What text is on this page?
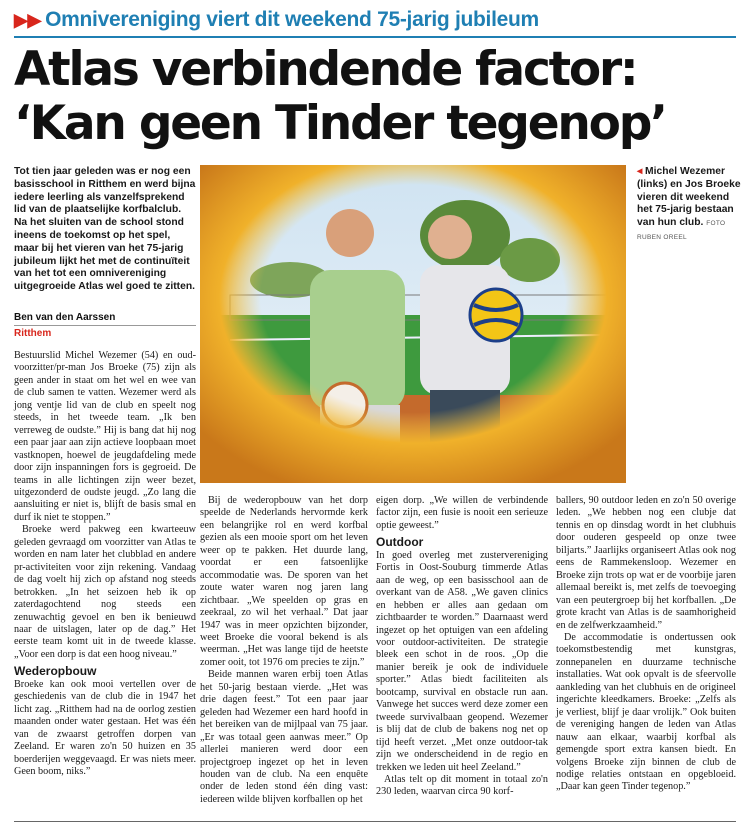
▶▶ Omnivereniging viert dit weekend 75-jarig jubileum
Atlas verbindende factor:
‘Kan geen Tinder tegenop’
Tot tien jaar geleden was er nog een basisschool in Ritthem en werd bijna iedere leerling als vanzelfsprekend lid van de plaatselijke korfbalclub. Na het sluiten van de school stond ineens de toekomst op het spel, maar bij het vieren van het 75-jarig jubileum lijkt het met de continuïteit van het tot een omnivereniging uitgegroeide Atlas wel goed te zitten.
Ben van den Aarssen
Ritthem
◂ Michel Wezemer (links) en Jos Broeke vieren dit weekend het 75-jarig bestaan van hun club. FOTO RUBEN OREEL

Bestuurslid Michel Wezemer (54) en oud-voorzitter/pr-man Jos Broeke (75) zijn als geen ander in staat om het wel en wee van de club samen te vatten. Wezemer werd als jong ventje lid van de club en speelt nog steeds, in het tweede team. „Ik ben verreweg de oudste.” Hij is bang dat hij nog een paar jaar aan zijn actieve loopbaan moet vastknopen, hoewel de jeugdafdeling mede door zijn inspanningen fors is gegroeid. De teams in alle lichtingen zijn weer bezet, uitgezonderd de oudste jeugd. „Zo lang die aansluiting er niet is, blijft de basis smal en durf ik niet te stoppen.”

Broeke werd pakweg een kwarteeuw geleden gevraagd om voorzitter van Atlas te worden en nam later het clubblad en andere pr-activiteiten voor zijn rekening. Vandaag de dag voelt hij zich op afstand nog steeds betrokken. „In het seizoen heb ik op zaterdagochtend nog steeds een zenuwachtig gevoel en ben ik benieuwd naar de uitslagen, later op de dag.” Het eerste team komt uit in de tweede klasse. „Voor een dorp is dat een hoog niveau.”

Wederopbouw

Broeke kan ook mooi vertellen over de geschiedenis van de club die in 1947 het licht zag. „Ritthem had na de oorlog zestien maanden onder water gestaan. Het was één van de zwaarst getroffen dorpen van Zeeland. Er waren zo'n 50 huizen en 35 boerderijen weggevaagd. Er was niets meer. Geen boom, niks.”

Bij de wederopbouw van het dorp speelde de Nederlands hervormde kerk een belangrijke rol en werd korfbal gezien als een mooie sport om het leven weer op te pakken. Het duurde lang, voordat er een fatsoenlijke accommodatie was. De sporen van het zoute water waren nog jaren lang zichtbaar. „We speelden op gras en zeekraal, zo wil het verhaal.” Dat jaar 1947 was in meer opzichten bijzonder, weet Broeke die vooral bekend is als weerman. „Het was lange tijd de heetste zomer ooit, tot 1976 om precies te zijn.”

Beide mannen waren erbij toen Atlas het 50-jarig bestaan vierde. „Het was drie dagen feest.” Tot een paar jaar geleden had Wezemer een hard hoofd in het bereiken van de mijlpaal van 75 jaar. „Er was totaal geen aanwas meer.” Op allerlei manieren werd door een projectgroep ingezet op het in leven houden van de club. Na een enquête onder de leden stond één ding vast: iedereen wilde blijven korfballen op het

eigen dorp. „We willen de verbindende factor zijn, een fusie is nooit een serieuze optie geweest.”

Outdoor

In goed overleg met zustervereniging Fortis in Oost-Souburg timmerde Atlas aan de weg, op een basisschool aan de overkant van de A58. „We gaven clinics en hebben er alles aan gedaan om zichtbaarder te worden.” Daarnaast werd ingezet op het optuigen van een afdeling voor outdoor-activiteiten. De strategie bleek een schot in de roos. „Op die manier bereik je ook de individuele sporter.” Atlas biedt faciliteiten als bootcamp, survival en obstacle run aan. Vanwege het succes werd deze zomer een tweede survivalbaan geopend. Wezemer is blij dat de club de bakens nog net op tijd heeft verzet. „Met onze outdoor-tak zijn we onderscheidend in de regio en trekken we leden uit heel Zeeland.”

Atlas telt op dit moment in totaal zo'n 230 leden, waarvan circa 90 korf-

ballers, 90 outdoor leden en zo'n 50 overige leden. „We hebben nog een clubje dat tennis en op dinsdag wordt in het clubhuis door ouderen gespeeld op onze twee biljarts.” Jaarlijks organiseert Atlas ook nog eens de Rammekensloop. Wezemer en Broeke zijn trots op wat er de voorbije jaren allemaal bereikt is, met zelfs de toevoeging van een peutergroep bij het korfballen. „De grote kracht van Atlas is de saamhorigheid en de zelfwerkzaamheid.”

De accommodatie is ondertussen ook toekomstbestendig met kunstgras, zonnepanelen en duurzame technische installaties. Wat ook opvalt is de sfeervolle aankleding van het clubhuis en de origineel ingerichte kleedkamers. Broeke: „Zelfs als je verliest, blijf je daar vrolijk.” Ook buiten de vereniging hangen de leden van Atlas nauw aan elkaar, waarbij korfbal als gemengde sport extra kansen biedt. En volgens Broeke zijn binnen de club de nodige relaties ontstaan en opgebloeid. „Daar kan geen Tinder tegenop.”
